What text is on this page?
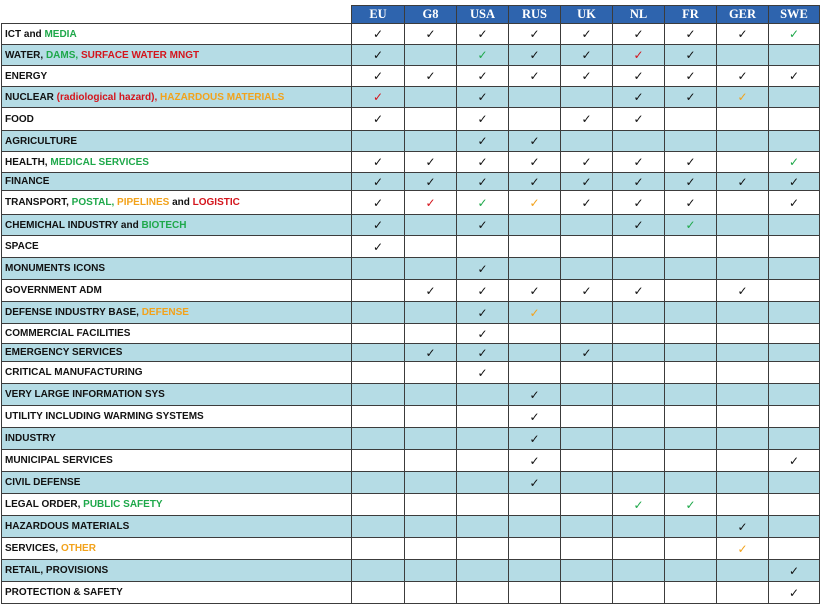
	EU	G8	USA	RUS	UK	NL	FR	GER	SWE
ICT and MEDIA	✓	✓	✓	✓	✓	✓	✓	✓	✓
WATER, DAMS, SURFACE WATER MNGT	✓		✓	✓	✓	✓	✓		
ENERGY	✓	✓	✓	✓	✓	✓	✓	✓	✓
NUCLEAR (radiological hazard), HAZARDOUS MATERIALS	✓		✓			✓	✓	✓	
FOOD	✓		✓		✓	✓			
AGRICULTURE			✓	✓					
HEALTH, MEDICAL SERVICES	✓	✓	✓	✓	✓	✓	✓		✓
FINANCE	✓	✓	✓	✓	✓	✓	✓	✓	✓
TRANSPORT, POSTAL, PIPELINES and LOGISTIC	✓	✓	✓	✓	✓	✓	✓		✓
CHEMICHAL INDUSTRY and BIOTECH	✓		✓			✓	✓		
SPACE	✓								
MONUMENTS ICONS			✓						
GOVERNMENT ADM		✓	✓	✓	✓	✓		✓	
DEFENSE INDUSTRY BASE, DEFENSE			✓	✓					
COMMERCIAL FACILITIES			✓						
EMERGENCY SERVICES		✓	✓		✓				
CRITICAL MANUFACTURING			✓						
VERY LARGE INFORMATION SYS				✓					
UTILITY INCLUDING WARMING SYSTEMS				✓					
INDUSTRY				✓					
MUNICIPAL SERVICES				✓					✓
CIVIL DEFENSE				✓					
LEGAL ORDER, PUBLIC SAFETY						✓	✓		
HAZARDOUS MATERIALS								✓	
SERVICES, OTHER								✓	
RETAIL, PROVISIONS									✓
PROTECTION & SAFETY									✓
